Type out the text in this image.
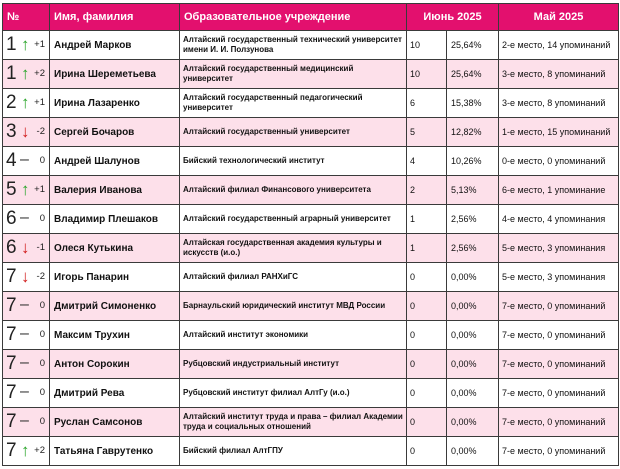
№	Имя, фамилия	Образовательное учреждение	Июнь 2025		Май 2025

1 ↑ +1	Андрей Марков	Алтайский государственный технический университет имени И. И. Ползунова	10	25,64%	2-е место, 14 упоминаний

1 ↑ +2	Ирина Шереметьева	Алтайский государственный медицинский университет	10	25,64%	3-е место, 8 упоминаний

2 ↑ +1	Ирина Лазаренко	Алтайский государственный педагогический университет	6	15,38%	3-е место, 8 упоминаний

3 ↓ -2	Сергей Бочаров	Алтайский государственный университет	5	12,82%	1-е место, 15 упоминаний

4 – 0	Андрей Шалунов	Бийский технологический институт	4	10,26%	0-е место, 0 упоминаний

5 ↑ +1	Валерия Иванова	Алтайский филиал Финансового университета	2	5,13%	6-е место, 1 упоминание

6 – 0	Владимир Плешаков	Алтайский государственный аграрный университет	1	2,56%	4-е место, 4 упоминания

6 ↓ -1	Олеся Кутькина	Алтайская государственная академия культуры и искусств (и.о.)	1	2,56%	5-е место, 3 упоминания

7 ↓ -2	Игорь Панарин	Алтайский филиал РАНХиГС	0	0,00%	5-е место, 3 упоминания

7 – 0	Дмитрий Симоненко	Барнаульский юридический институт МВД России	0	0,00%	7-е место, 0 упоминаний

7 – 0	Максим Трухин	Алтайский институт экономики	0	0,00%	7-е место, 0 упоминаний

7 – 0	Антон Сорокин	Рубцовский индустриальный институт	0	0,00%	7-е место, 0 упоминаний

7 – 0	Дмитрий Рева	Рубцовский институт филиал АлтГу (и.о.)	0	0,00%	7-е место, 0 упоминаний

7 – 0	Руслан Самсонов	Алтайский институт труда и права – филиал Академии труда и социальных отношений	0	0,00%	7-е место, 0 упоминаний

7 ↑ +2	Татьяна Гаврутенко	Бийский филиал АлтГПУ	0	0,00%	7-е место, 0 упоминаний
